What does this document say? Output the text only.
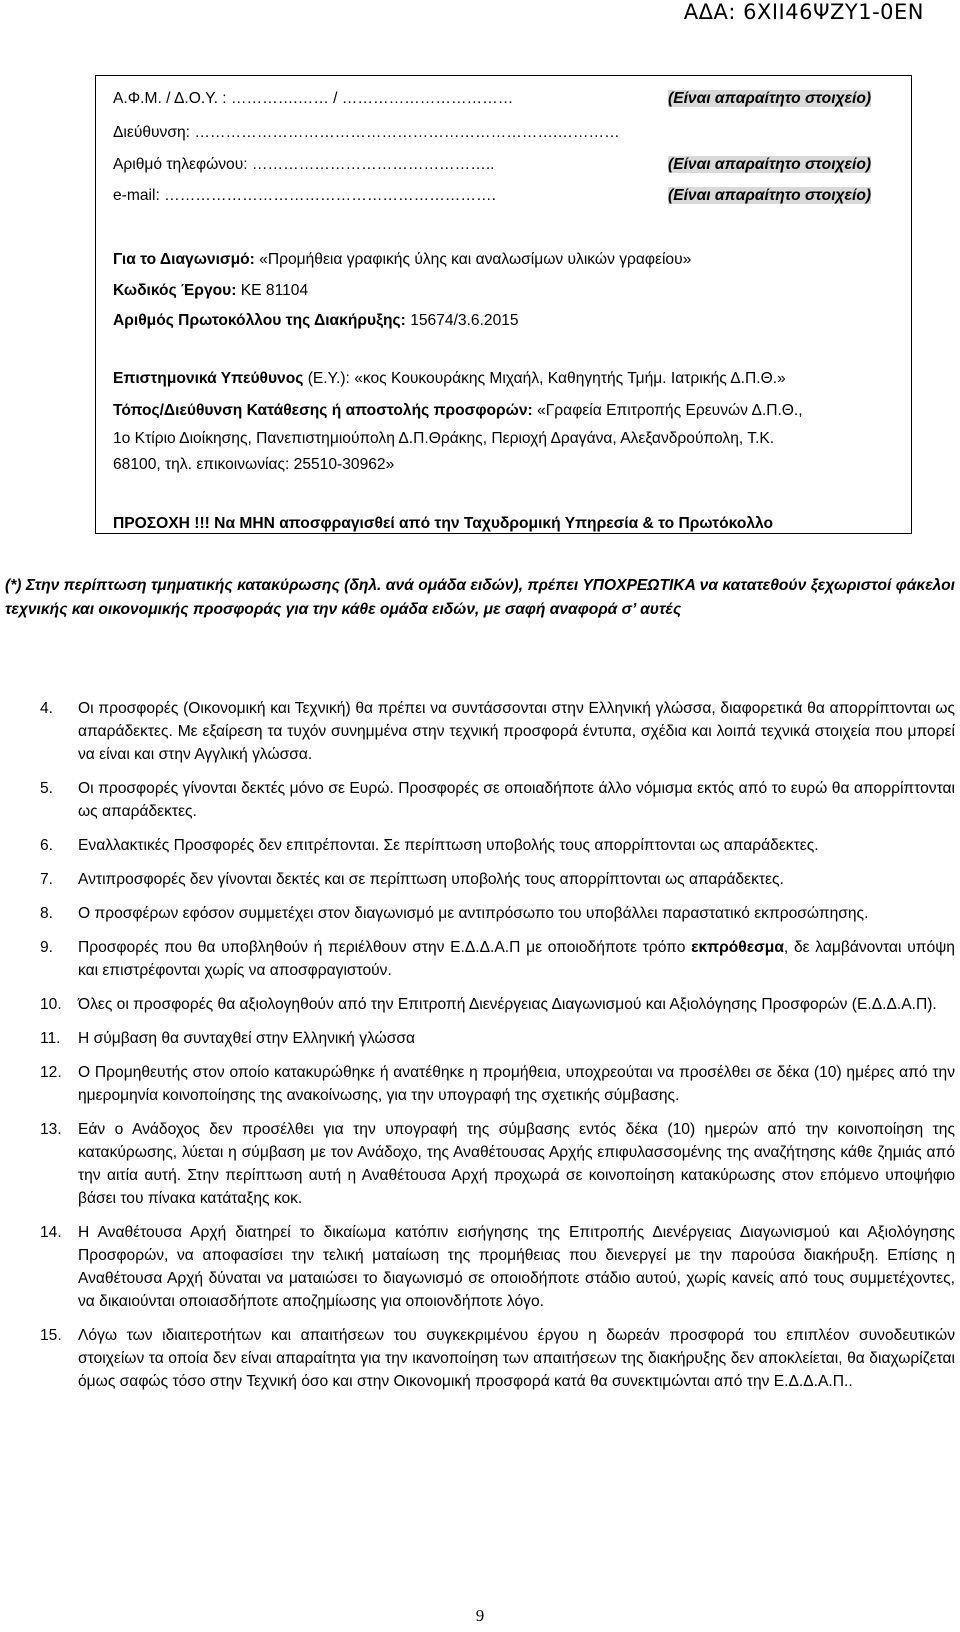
ΑΔΑ: 6ΧΙΙ46ΨΖΥ1-0ΕΝ
Α.Φ.Μ. / Δ.Ο.Υ. : ………….…… / ……………………………	(Είναι απαραίτητο στοιχείο)
Διεύθυνση: …………………………………………………………….…………
Αριθμό τηλεφώνου: ………………………………………..	(Είναι απαραίτητο στοιχείο)
e-mail: ……………………………………………………….	(Είναι απαραίτητο στοιχείο)
Για το Διαγωνισμό: «Προμήθεια γραφικής ύλης και αναλωσίμων υλικών γραφείου»
Κωδικός Έργου: ΚΕ 81104
Αριθμός Πρωτοκόλλου της Διακήρυξης: 15674/3.6.2015
Επιστημονικά Υπεύθυνος (Ε.Υ.): «κος Κουκουράκης Μιχαήλ, Καθηγητής Τμήμ. Ιατρικής Δ.Π.Θ.»
Τόπος/Διεύθυνση Κατάθεσης ή αποστολής προσφορών: «Γραφεία Επιτροπής Ερευνών Δ.Π.Θ.,
1ο Κτίριο Διοίκησης, Πανεπιστημιούπολη Δ.Π.Θράκης, Περιοχή Δραγάνα, Αλεξανδρούπολη, Τ.Κ.
68100, τηλ. επικοινωνίας: 25510-30962»
ΠΡΟΣΟΧΗ !!! Να ΜΗΝ αποσφραγισθεί από την Ταχυδρομική Υπηρεσία & το Πρωτόκολλο
(*) Στην περίπτωση τμηματικής κατακύρωσης (δηλ. ανά ομάδα ειδών), πρέπει ΥΠΟΧΡΕΩΤΙΚΑ να κατατεθούν ξεχωριστοί φάκελοι τεχνικής και οικονομικής προσφοράς για την κάθε ομάδα ειδών, με σαφή αναφορά σ’ αυτές
4.	Οι προσφορές (Οικονομική και Τεχνική) θα πρέπει να συντάσσονται στην Ελληνική γλώσσα, διαφορετικά θα απορρίπτονται ως απαράδεκτες. Με εξαίρεση τα τυχόν συνημμένα στην τεχνική προσφορά έντυπα, σχέδια και λοιπά τεχνικά στοιχεία που μπορεί να είναι και στην Αγγλική γλώσσα.
5.	Οι προσφορές γίνονται δεκτές μόνο σε Ευρώ. Προσφορές σε οποιαδήποτε άλλο νόμισμα εκτός από το ευρώ θα απορρίπτονται ως απαράδεκτες.
6.	Εναλλακτικές Προσφορές δεν επιτρέπονται. Σε περίπτωση υποβολής τους απορρίπτονται ως απαράδεκτες.
7.	Αντιπροσφορές δεν γίνονται δεκτές και σε περίπτωση υποβολής τους απορρίπτονται ως απαράδεκτες.
8.	Ο προσφέρων εφόσον συμμετέχει στον διαγωνισμό με αντιπρόσωπο του υποβάλλει παραστατικό εκπροσώπησης.
9.	Προσφορές που θα υποβληθούν ή περιέλθουν στην Ε.Δ.Δ.Α.Π με οποιοδήποτε τρόπο εκπρόθεσμα, δε λαμβάνονται υπόψη και επιστρέφονται χωρίς να αποσφραγιστούν.
10.	Όλες οι προσφορές θα αξιολογηθούν από την Επιτροπή Διενέργειας Διαγωνισμού και Αξιολόγησης Προσφορών (Ε.Δ.Δ.Α.Π).
11.	Η σύμβαση θα συνταχθεί στην Ελληνική γλώσσα
12.	Ο Προμηθευτής στον οποίο κατακυρώθηκε ή ανατέθηκε η προμήθεια, υποχρεούται να προσέλθει σε δέκα (10) ημέρες από την ημερομηνία κοινοποίησης της ανακοίνωσης, για την υπογραφή της σχετικής σύμβασης.
13.	Εάν ο Ανάδοχος δεν προσέλθει για την υπογραφή της σύμβασης εντός δέκα (10) ημερών από την κοινοποίηση της κατακύρωσης, λύεται η σύμβαση με τον Ανάδοχο, της Αναθέτουσας Αρχής επιφυλασσομένης της αναζήτησης κάθε ζημιάς από την αιτία αυτή. Στην περίπτωση αυτή η Αναθέτουσα Αρχή προχωρά σε κοινοποίηση κατακύρωσης στον επόμενο υποψήφιο βάσει του πίνακα κατάταξης κοκ.
14.	Η Αναθέτουσα Αρχή διατηρεί το δικαίωμα κατόπιν εισήγησης της Επιτροπής Διενέργειας Διαγωνισμού και Αξιολόγησης Προσφορών, να αποφασίσει την τελική ματαίωση της προμήθειας που διενεργεί με την παρούσα διακήρυξη. Επίσης η Αναθέτουσα Αρχή δύναται να ματαιώσει το διαγωνισμό σε οποιοδήποτε στάδιο αυτού, χωρίς κανείς από τους συμμετέχοντες, να δικαιούνται οποιασδήποτε αποζημίωσης για οποιονδήποτε λόγο.
15.	Λόγω των ιδιαιτεροτήτων και απαιτήσεων του συγκεκριμένου έργου η δωρεάν προσφορά του επιπλέον συνοδευτικών στοιχείων τα οποία δεν είναι απαραίτητα για την ικανοποίηση των απαιτήσεων της διακήρυξης δεν αποκλείεται, θα διαχωρίζεται όμως σαφώς τόσο στην Τεχνική όσο και στην Οικονομική προσφορά κατά θα συνεκτιμώνται από την Ε.Δ.Δ.Α.Π..
9
